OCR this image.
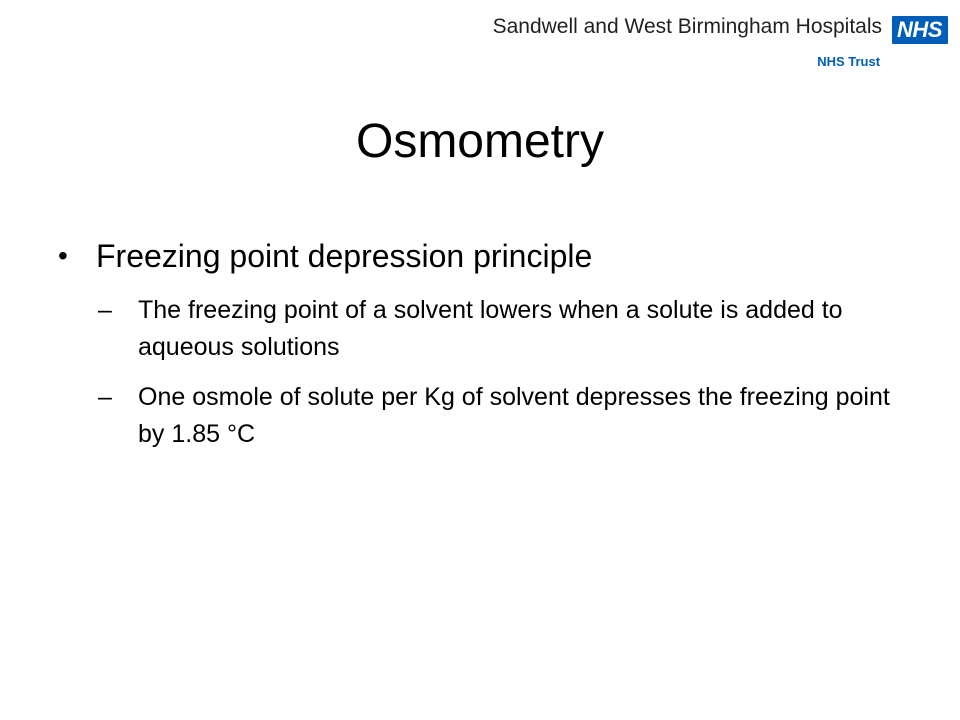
Sandwell and West Birmingham Hospitals
NHS Trust
NHS
Osmometry
• Freezing point depression principle
– The freezing point of a solvent lowers when a solute is added to aqueous solutions
– One osmole of solute per Kg of solvent depresses the freezing point by 1.85 °C
